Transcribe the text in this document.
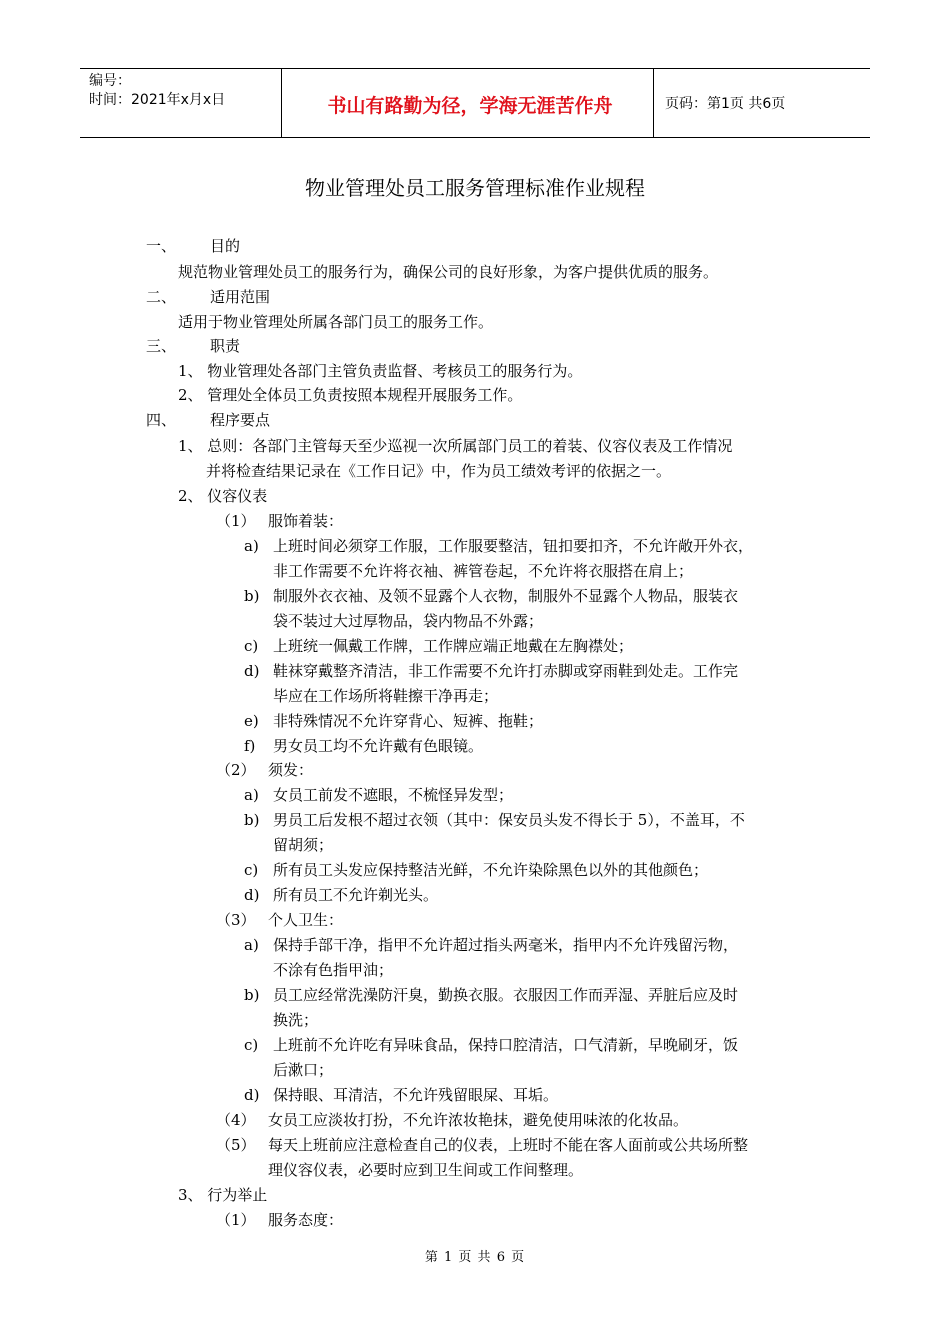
编号：
时间：2021年x月x日	书山有路勤为径，学海无涯苦作舟	页码：第1页 共6页
物业管理处员工服务管理标准作业规程
一、 目的
规范物业管理处员工的服务行为，确保公司的良好形象，为客户提供优质的服务。
二、 适用范围
适用于物业管理处所属各部门员工的服务工作。
三、 职责
1、 物业管理处各部门主管负责监督、考核员工的服务行为。
2、 管理处全体员工负责按照本规程开展服务工作。
四、 程序要点
1、 总则：各部门主管每天至少巡视一次所属部门员工的着装、仪容仪表及工作情况
并将检查结果记录在《工作日记》中，作为员工绩效考评的依据之一。
2、 仪容仪表
（1） 服饰着装：
a) 上班时间必须穿工作服，工作服要整洁，钮扣要扣齐，不允许敞开外衣，
非工作需要不允许将衣袖、裤管卷起，不允许将衣服搭在肩上；
b) 制服外衣衣袖、及领不显露个人衣物，制服外不显露个人物品，服装衣
袋不装过大过厚物品，袋内物品不外露；
c) 上班统一佩戴工作牌，工作牌应端正地戴在左胸襟处；
d) 鞋袜穿戴整齐清洁，非工作需要不允许打赤脚或穿雨鞋到处走。工作完
毕应在工作场所将鞋擦干净再走；
e) 非特殊情况不允许穿背心、短裤、拖鞋；
f) 男女员工均不允许戴有色眼镜。
（2） 须发：
a) 女员工前发不遮眼，不梳怪异发型；
b) 男员工后发根不超过衣领（其中：保安员头发不得长于 5），不盖耳，不
留胡须；
c) 所有员工头发应保持整洁光鲜，不允许染除黑色以外的其他颜色；
d) 所有员工不允许剃光头。
（3） 个人卫生：
a) 保持手部干净，指甲不允许超过指头两毫米，指甲内不允许残留污物，
不涂有色指甲油；
b) 员工应经常洗澡防汗臭，勤换衣服。衣服因工作而弄湿、弄脏后应及时
换洗；
c) 上班前不允许吃有异味食品，保持口腔清洁，口气清新，早晚刷牙，饭
后漱口；
d) 保持眼、耳清洁，不允许残留眼屎、耳垢。
（4） 女员工应淡妆打扮，不允许浓妆艳抹，避免使用味浓的化妆品。
（5） 每天上班前应注意检查自己的仪表，上班时不能在客人面前或公共场所整
理仪容仪表，必要时应到卫生间或工作间整理。
3、 行为举止
（1） 服务态度：
第 1 页 共 6 页
